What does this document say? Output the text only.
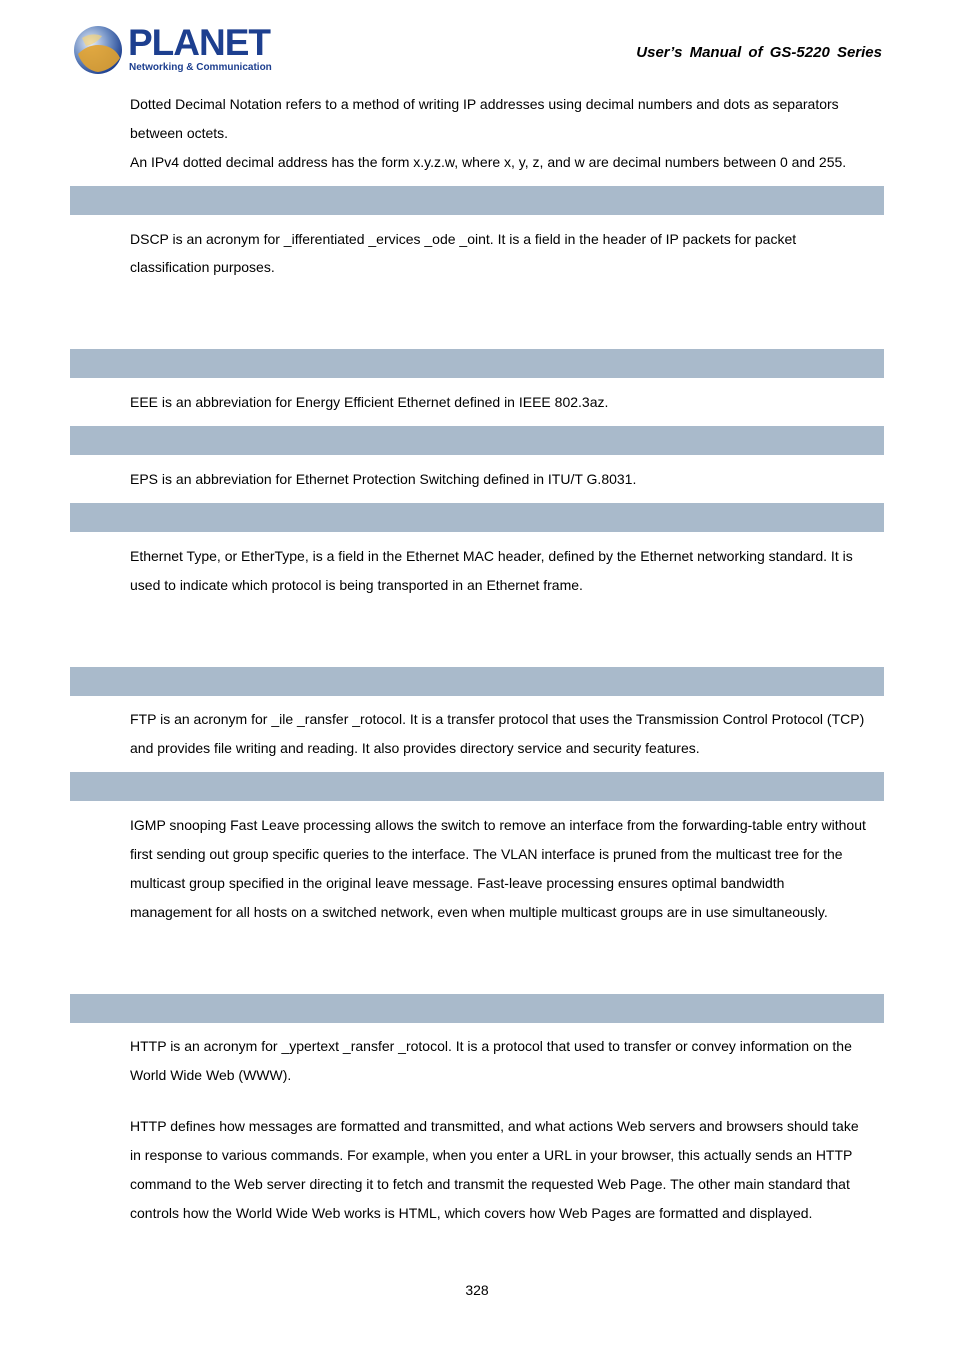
PLANET
Networking & Communication
User’s Manual of GS-5220 Series
Dotted Decimal Notation refers to a method of writing IP addresses using decimal numbers and dots as separators
between octets.
An IPv4 dotted decimal address has the form x.y.z.w, where x, y, z, and w are decimal numbers between 0 and 255.
DSCP is an acronym for _ifferentiated _ervices _ode _oint. It is a field in the header of IP packets for packet
classification purposes.
EEE is an abbreviation for Energy Efficient Ethernet defined in IEEE 802.3az.
EPS is an abbreviation for Ethernet Protection Switching defined in ITU/T G.8031.
Ethernet Type, or EtherType, is a field in the Ethernet MAC header, defined by the Ethernet networking standard. It is
used to indicate which protocol is being transported in an Ethernet frame.
FTP is an acronym for _ile _ransfer _rotocol. It is a transfer protocol that uses the Transmission Control Protocol (TCP)
and provides file writing and reading. It also provides directory service and security features.
IGMP snooping Fast Leave processing allows the switch to remove an interface from the forwarding-table entry without
first sending out group specific queries to the interface. The VLAN interface is pruned from the multicast tree for the
multicast group specified in the original leave message. Fast-leave processing ensures optimal bandwidth
management for all hosts on a switched network, even when multiple multicast groups are in use simultaneously.
HTTP is an acronym for _ypertext _ransfer _rotocol. It is a protocol that used to transfer or convey information on the
World Wide Web (WWW).
HTTP defines how messages are formatted and transmitted, and what actions Web servers and browsers should take
in response to various commands. For example, when you enter a URL in your browser, this actually sends an HTTP
command to the Web server directing it to fetch and transmit the requested Web Page. The other main standard that
controls how the World Wide Web works is HTML, which covers how Web Pages are formatted and displayed.
328
